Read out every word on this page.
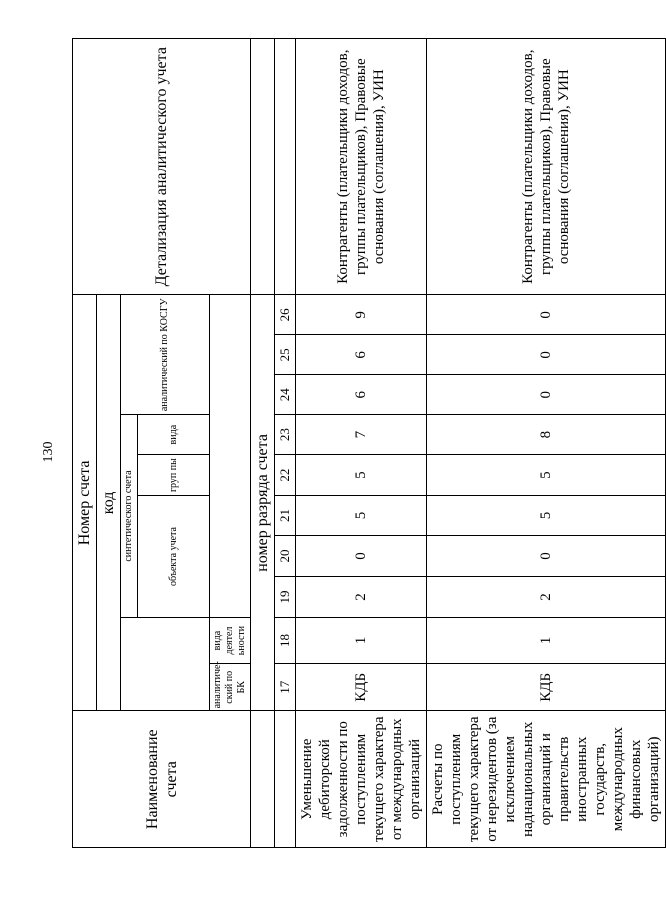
130
Наименование счета	Номер счета										Детализация аналитического учета
	код										
			синтетического счета					аналитический по КОСГУ			
			объекта учета			груп пы	вида				
	аналитический по БК	вида деятел ьности									
	номер разряда счета										
	17	18	19	20	21	22	23	24	25	26	
Уменьшение дебиторской задолженности по поступлениям текущего характера от международных организаций	КДБ	1	2	0	5	5	7	6	6	9	Контрагенты (плательщики доходов, группы плательщиков), Правовые основания (соглашения), УИН
Расчеты по поступлениям текущего характера от нерезидентов (за исключением наднациональных организаций и правительств иностранных государств, международных финансовых организаций)	КДБ	1	2	0	5	5	8	0	0	0	Контрагенты (плательщики доходов, группы плательщиков), Правовые основания (соглашения), УИН
